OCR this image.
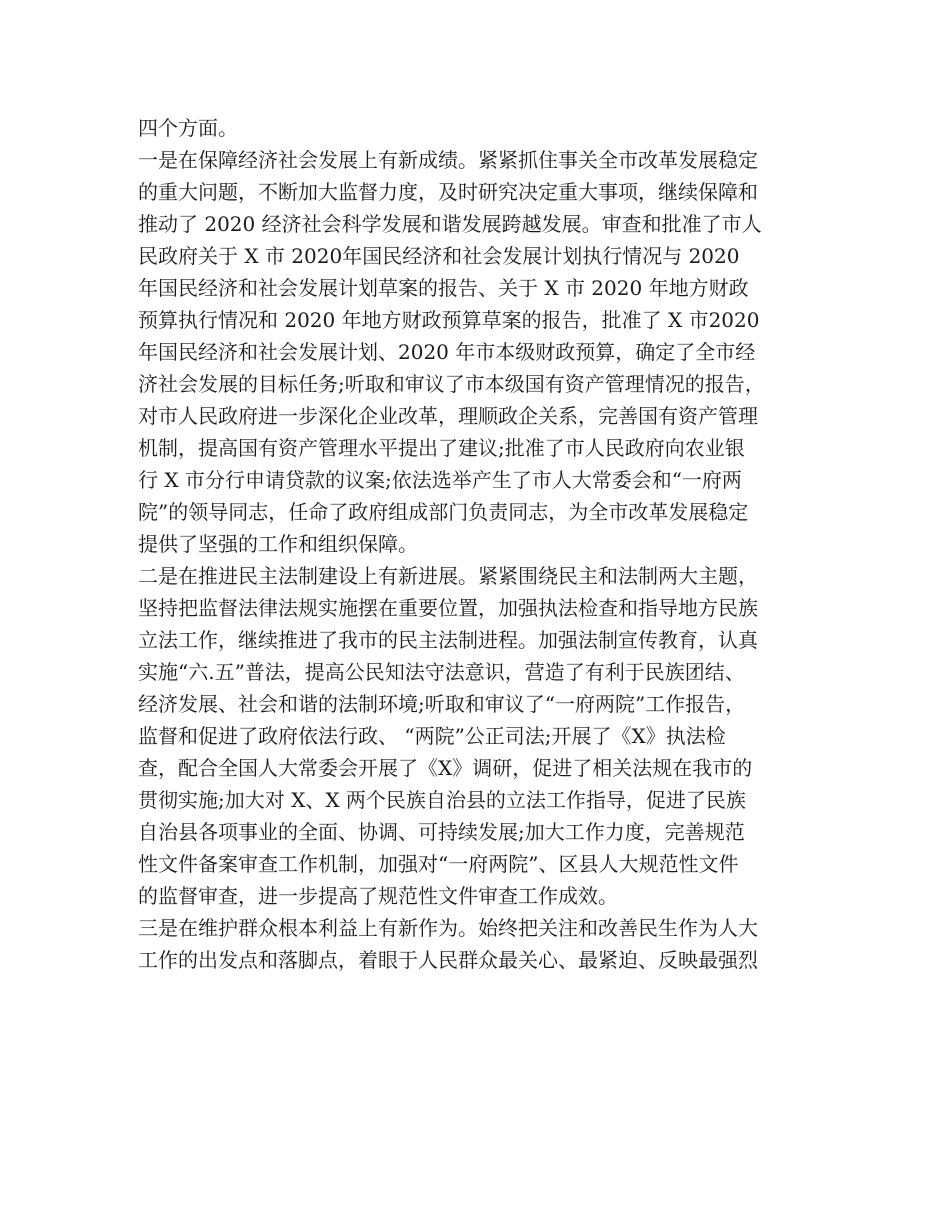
四个方面。
一是在保障经济社会发展上有新成绩。紧紧抓住事关全市改革发展稳定
的重大问题，不断加大监督力度，及时研究决定重大事项，继续保障和
推动了 2020 经济社会科学发展和谐发展跨越发展。审查和批准了市人
民政府关于 X 市 2020年国民经济和社会发展计划执行情况与 2020
年国民经济和社会发展计划草案的报告、关于 X 市 2020 年地方财政
预算执行情况和 2020 年地方财政预算草案的报告，批准了 X 市2020
年国民经济和社会发展计划、2020 年市本级财政预算，确定了全市经
济社会发展的目标任务;听取和审议了市本级国有资产管理情况的报告，
对市人民政府进一步深化企业改革，理顺政企关系，完善国有资产管理
机制，提高国有资产管理水平提出了建议;批准了市人民政府向农业银
行 X 市分行申请贷款的议案;依法选举产生了市人大常委会和“一府两
院”的领导同志，任命了政府组成部门负责同志，为全市改革发展稳定
提供了坚强的工作和组织保障。
二是在推进民主法制建设上有新进展。紧紧围绕民主和法制两大主题，
坚持把监督法律法规实施摆在重要位置，加强执法检查和指导地方民族
立法工作，继续推进了我市的民主法制进程。加强法制宣传教育，认真
实施“六.五”普法，提高公民知法守法意识，营造了有利于民族团结、
经济发展、社会和谐的法制环境;听取和审议了“一府两院”工作报告，
监督和促进了政府依法行政、 “两院”公正司法;开展了《X》执法检
查，配合全国人大常委会开展了《X》调研，促进了相关法规在我市的
贯彻实施;加大对 X、X 两个民族自治县的立法工作指导，促进了民族
自治县各项事业的全面、协调、可持续发展;加大工作力度，完善规范
性文件备案审查工作机制，加强对“一府两院”、区县人大规范性文件
的监督审查，进一步提高了规范性文件审查工作成效。
三是在维护群众根本利益上有新作为。始终把关注和改善民生作为人大
工作的出发点和落脚点，着眼于人民群众最关心、最紧迫、反映最强烈
